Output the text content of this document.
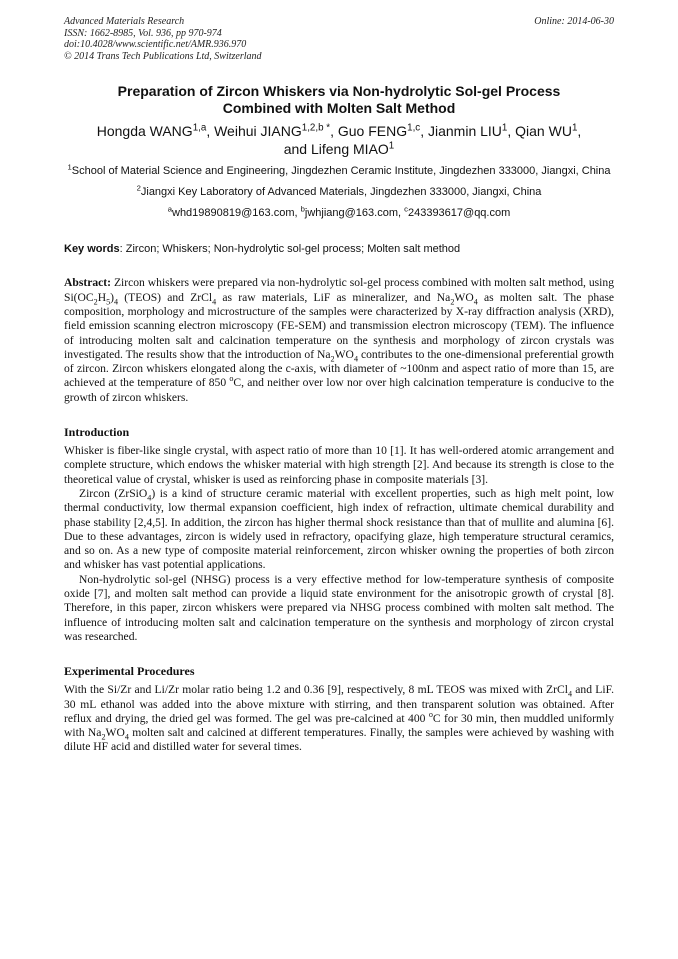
Advanced Materials Research
ISSN: 1662-8985, Vol. 936, pp 970-974
doi:10.4028/www.scientific.net/AMR.936.970
© 2014 Trans Tech Publications Ltd, Switzerland
Online: 2014-06-30
Preparation of Zircon Whiskers via Non-hydrolytic Sol-gel Process
Combined with Molten Salt Method
Hongda WANG$^{1,a}$, Weihui $JIANG^{1,2,b *}$, Guo FENG$^{1,c}$, Jianmin LIU$^1$, Qian $WU^1$,
and Lifeng MIAO$^1$
$^1$School of Material Science and Engineering, Jingdezhen Ceramic Institute, Jingdezhen 333000, Jiangxi, China
$^2$Jiangxi Key Laboratory of Advanced Materials, Jingdezhen 333000, Jiangxi, China
$^a$whd19890819@163.com, $^b$jwhjiang@163.com, $^c$243393617@qq.com
Key words: Zircon; Whiskers; Non-hydrolytic sol-gel process; Molten salt method
Abstract: Zircon whiskers were prepared via non-hydrolytic sol-gel process combined with molten salt method, using $Si(OC_2H_5)_4$ (TEOS) and ZrCl$_4$ as raw materials, LiF as mineralizer, and $Na_2WO_4$ as molten salt. The phase composition, morphology and microstructure of the samples were characterized by X-ray diffraction analysis (XRD), field emission scanning electron microscopy (FE-SEM) and transmission electron microscopy (TEM). The influence of introducing molten salt and calcination temperature on the synthesis and morphology of zircon crystals was investigated. The results show that the introduction of $Na_2WO_4$ contributes to the one-dimensional preferential growth of zircon. Zircon whiskers elongated along the c-axis, with diameter of ~100nm and aspect ratio of more than 15, are achieved at the temperature of 850 $^o$C, and neither over low nor over high calcination temperature is conducive to the growth of zircon whiskers.
Introduction

Whisker is fiber-like single crystal, with aspect ratio of more than 10 [1]. It has well-ordered atomic arrangement and complete structure, which endows the whisker material with high strength [2]. And because its strength is close to the theoretical value of crystal, whisker is used as reinforcing phase in composite materials [3].

Zircon (ZrSiO$_4$) is a kind of structure ceramic material with excellent properties, such as high melt point, low thermal conductivity, low thermal expansion coefficient, high index of refraction, ultimate chemical durability and phase stability [2,4,5]. In addition, the zircon has higher thermal shock resistance than that of mullite and alumina [6]. Due to these advantages, zircon is widely used in refractory, opacifying glaze, high temperature structural ceramics, and so on. As a new type of composite material reinforcement, zircon whisker owning the properties of both zircon and whisker has vast potential applications.

Non-hydrolytic sol-gel (NHSG) process is a very effective method for low-temperature synthesis of composite oxide [7], and molten salt method can provide a liquid state environment for the anisotropic growth of crystal [8]. Therefore, in this paper, zircon whiskers were prepared via NHSG process combined with molten salt method. The influence of introducing molten salt and calcination temperature on the synthesis and morphology of zircon crystal was researched.

Experimental Procedures

With the Si/Zr and Li/Zr molar ratio being 1.2 and 0.36 [9], respectively, 8 mL TEOS was mixed with ZrCl$_4$ and LiF. 30 mL ethanol was added into the above mixture with stirring, and then transparent solution was obtained. After reflux and drying, the dried gel was formed. The gel was pre-calcined at 400 $^o$C for 30 min, then muddled uniformly with $Na_2WO_4$ molten salt and calcined at different temperatures. Finally, the samples were achieved by washing with dilute HF acid and distilled water for several times.
